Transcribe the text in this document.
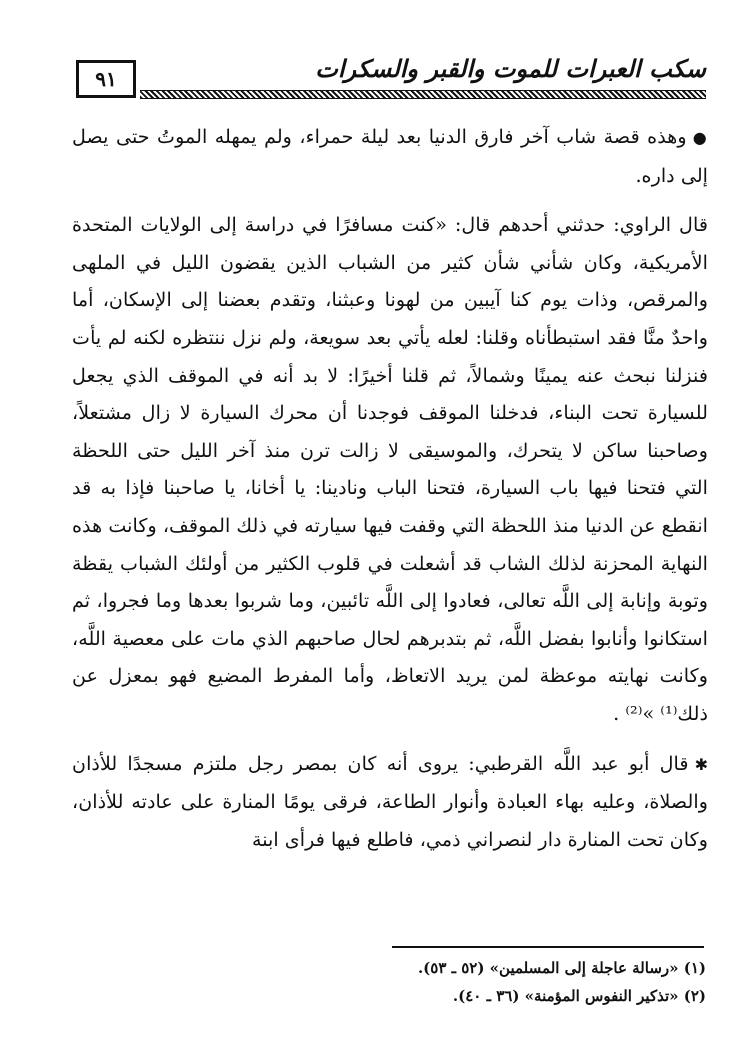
٩١	سكب العبرات للموت والقبر والسكرات

●وهذه قصة شاب آخر فارق الدنيا بعد ليلة حمراء، ولم يمهله الموتُ حتى يصل إلى داره.

قال الراوي: حدثني أحدهم قال: «كنت مسافرًا في دراسة إلى الولايات المتحدة الأمريكية، وكان شأني شأن كثير من الشباب الذين يقضون الليل في الملهى والمرقص، وذات يوم كنا آيبين من لهونا وعبثنا، وتقدم بعضنا إلى الإسكان، أما واحدٌ منَّا فقد استبطأناه وقلنا: لعله يأتي بعد سويعة، ولم نزل ننتظره لكنه لم يأت فنزلنا نبحث عنه يمينًا وشمالاً، ثم قلنا أخيرًا: لا بد أنه في الموقف الذي يجعل للسيارة تحت البناء، فدخلنا الموقف فوجدنا أن محرك السيارة لا زال مشتعلاً، وصاحبنا ساكن لا يتحرك، والموسيقى لا زالت ترن منذ آخر الليل حتى اللحظة التي فتحنا فيها باب السيارة، فتحنا الباب ونادينا: يا أخانا، يا صاحبنا فإذا به قد انقطع عن الدنيا منذ اللحظة التي وقفت فيها سيارته في ذلك الموقف، وكانت هذه النهاية المحزنة لذلك الشاب قد أشعلت في قلوب الكثير من أولئك الشباب يقظة وتوبة وإنابة إلى اللَّه تعالى، فعادوا إلى اللَّه تائبين، وما شربوا بعدها وما فجروا، ثم استكانوا وأنابوا بفضل اللَّه، ثم بتدبرهم لحال صاحبهم الذي مات على معصية اللَّه، وكانت نهايته موعظة لمن يريد الاتعاظ، وأما المفرط المضيع فهو بمعزل عن ذلك⁽¹⁾ »⁽²⁾ .

✱قال أبو عبد اللَّه القرطبي: يروى أنه كان بمصر رجل ملتزم مسجدًا للأذان والصلاة، وعليه بهاء العبادة وأنوار الطاعة، فرقى يومًا المنارة على عادته للأذان، وكان تحت المنارة دار لنصراني ذمي، فاطلع فيها فرأى ابنة

(١) «رسالة عاجلة إلى المسلمين» (٥٢ ـ ٥٣).
(٢) «تذكير النفوس المؤمنة» (٣٦ ـ ٤٠).
